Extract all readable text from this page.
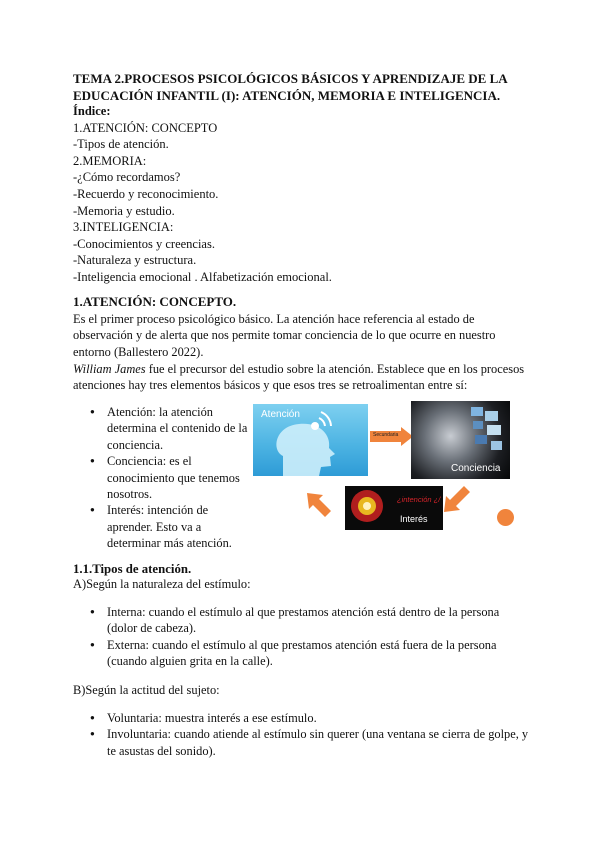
TEMA 2.PROCESOS PSICOLÓGICOS BÁSICOS Y APRENDIZAJE DE LA EDUCACIÓN INFANTIL (I): ATENCIÓN, MEMORIA E INTELIGENCIA.
Índice:
1.ATENCIÓN: CONCEPTO
-Tipos de atención.
2.MEMORIA:
-¿Cómo recordamos?
-Recuerdo y reconocimiento.
-Memoria y estudio.
3.INTELIGENCIA:
-Conocimientos y creencias.
-Naturaleza y estructura.
-Inteligencia emocional . Alfabetización emocional.
1.ATENCIÓN: CONCEPTO.
Es el primer proceso psicológico básico. La atención hace referencia al estado de observación y de alerta que nos permite tomar conciencia de lo que ocurre en nuestro entorno (Ballestero 2022).
William James fue el precursor del estudio sobre la atención. Establece que en los procesos atenciones hay tres elementos básicos y que esos tres se retroalimentan entre sí:
● Atención: la atención determina el contenido de la conciencia.
● Conciencia: es el conocimiento que tenemos nosotros.
● Interés: intención de aprender. Esto va a determinar más atención.
Atención
Secundaria
Conciencia
¿intención ¿/
Interés
1.1.Tipos de atención.
A)Según la naturaleza del estímulo:
● Interna: cuando el estímulo al que prestamos atención está dentro de la persona (dolor de cabeza).
● Externa: cuando el estímulo al que prestamos atención está fuera de la persona (cuando alguien grita en la calle).
B)Según la actitud del sujeto:
● Voluntaria: muestra interés a ese estímulo.
● Involuntaria: cuando atiende al estímulo sin querer (una ventana se cierra de golpe, y te asustas del sonido).
